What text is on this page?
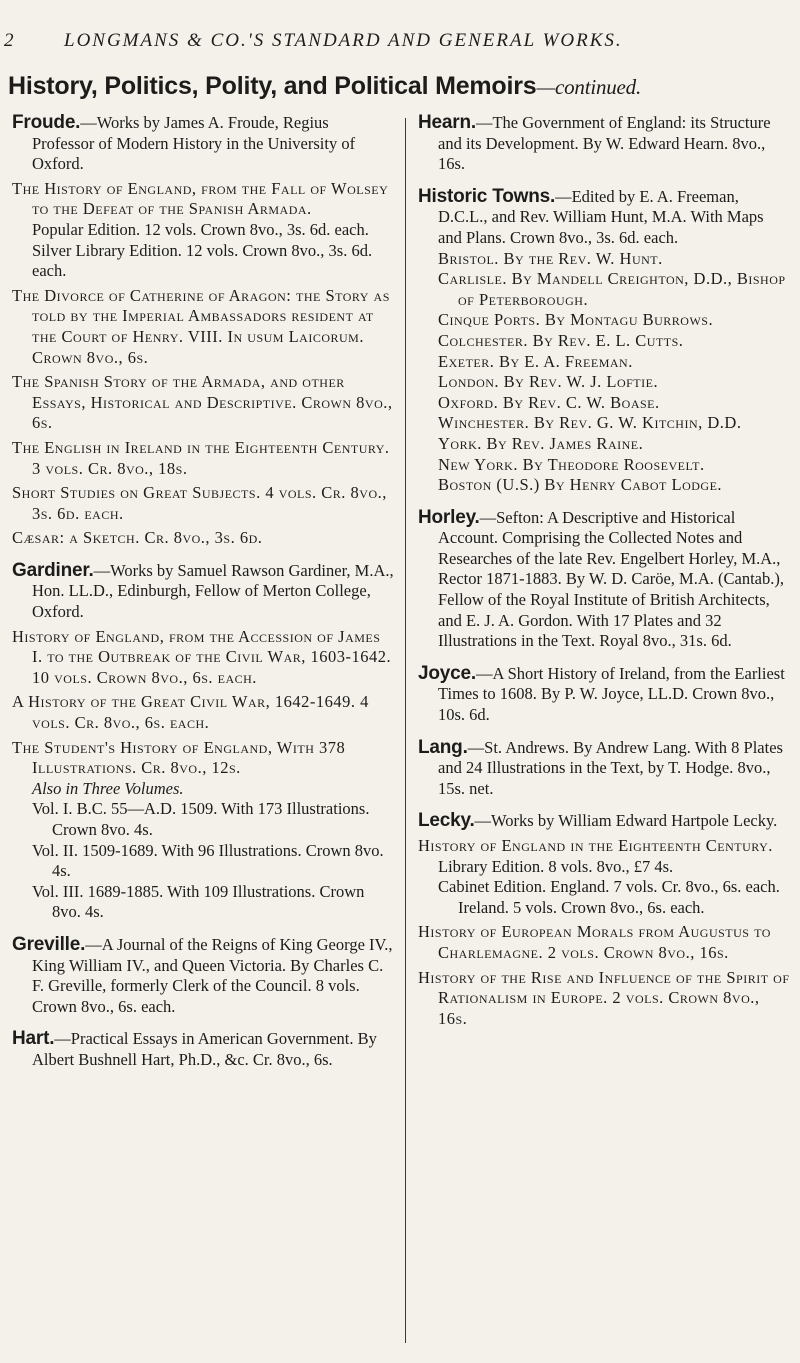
2	LONGMANS & CO.'S STANDARD AND GENERAL WORKS.
History, Politics, Polity, and Political Memoirs—continued.

Froude.—Works by James A. Froude, Regius Professor of Modern History in the University of Oxford.

The History of England, from the Fall of Wolsey to the Defeat of the Spanish Armada.

Popular Edition. 12 vols. Crown 8vo., 3s. 6d. each.

Silver Library Edition. 12 vols. Crown 8vo., 3s. 6d. each.

The Divorce of Catherine of Aragon: the Story as told by the Imperial Ambassadors resident at the Court of Henry. VIII. In usum Laicorum. Crown 8vo., 6s.

The Spanish Story of the Armada, and other Essays, Historical and Descriptive. Crown 8vo., 6s.

The English in Ireland in the Eighteenth Century. 3 vols. Cr. 8vo., 18s.

Short Studies on Great Subjects. 4 vols. Cr. 8vo., 3s. 6d. each.

Cæsar: a Sketch. Cr. 8vo., 3s. 6d.

Gardiner.—Works by Samuel Rawson Gardiner, M.A., Hon. LL.D., Edinburgh, Fellow of Merton College, Oxford.

History of England, from the Accession of James I. to the Outbreak of the Civil War, 1603-1642. 10 vols. Crown 8vo., 6s. each.

A History of the Great Civil War, 1642-1649. 4 vols. Cr. 8vo., 6s. each.

The Student's History of England, With 378 Illustrations. Cr. 8vo., 12s.

Also in Three Volumes.

Vol. I. B.C. 55—A.D. 1509. With 173 Illustrations. Crown 8vo. 4s.

Vol. II. 1509-1689. With 96 Illustrations. Crown 8vo. 4s.

Vol. III. 1689-1885. With 109 Illustrations. Crown 8vo. 4s.

Greville.—A Journal of the Reigns of King George IV., King William IV., and Queen Victoria. By Charles C. F. Greville, formerly Clerk of the Council. 8 vols. Crown 8vo., 6s. each.

Hart.—Practical Essays in American Government. By Albert Bushnell Hart, Ph.D., &c. Cr. 8vo., 6s.

Hearn.—The Government of England: its Structure and its Development. By W. Edward Hearn. 8vo., 16s.

Historic Towns.—Edited by E. A. Freeman, D.C.L., and Rev. William Hunt, M.A. With Maps and Plans. Crown 8vo., 3s. 6d. each.

Bristol. By the Rev. W. Hunt.

Carlisle. By Mandell Creighton, D.D., Bishop of Peterborough.

Cinque Ports. By Montagu Burrows.

Colchester. By Rev. E. L. Cutts.

Exeter. By E. A. Freeman.

London. By Rev. W. J. Loftie.

Oxford. By Rev. C. W. Boase.

Winchester. By Rev. G. W. Kitchin, D.D.

York. By Rev. James Raine.

New York. By Theodore Roosevelt.

Boston (U.S.) By Henry Cabot Lodge.

Horley.—Sefton: A Descriptive and Historical Account. Comprising the Collected Notes and Researches of the late Rev. Engelbert Horley, M.A., Rector 1871-1883. By W. D. Caröe, M.A. (Cantab.), Fellow of the Royal Institute of British Architects, and E. J. A. Gordon. With 17 Plates and 32 Illustrations in the Text. Royal 8vo., 31s. 6d.

Joyce.—A Short History of Ireland, from the Earliest Times to 1608. By P. W. Joyce, LL.D. Crown 8vo., 10s. 6d.

Lang.—St. Andrews. By Andrew Lang. With 8 Plates and 24 Illustrations in the Text, by T. Hodge. 8vo., 15s. net.

Lecky.—Works by William Edward Hartpole Lecky.

History of England in the Eighteenth Century.

Library Edition. 8 vols. 8vo., £7 4s.

Cabinet Edition. England. 7 vols. Cr. 8vo., 6s. each. Ireland. 5 vols. Crown 8vo., 6s. each.

History of European Morals from Augustus to Charlemagne. 2 vols. Crown 8vo., 16s.

History of the Rise and Influence of the Spirit of Rationalism in Europe. 2 vols. Crown 8vo., 16s.
